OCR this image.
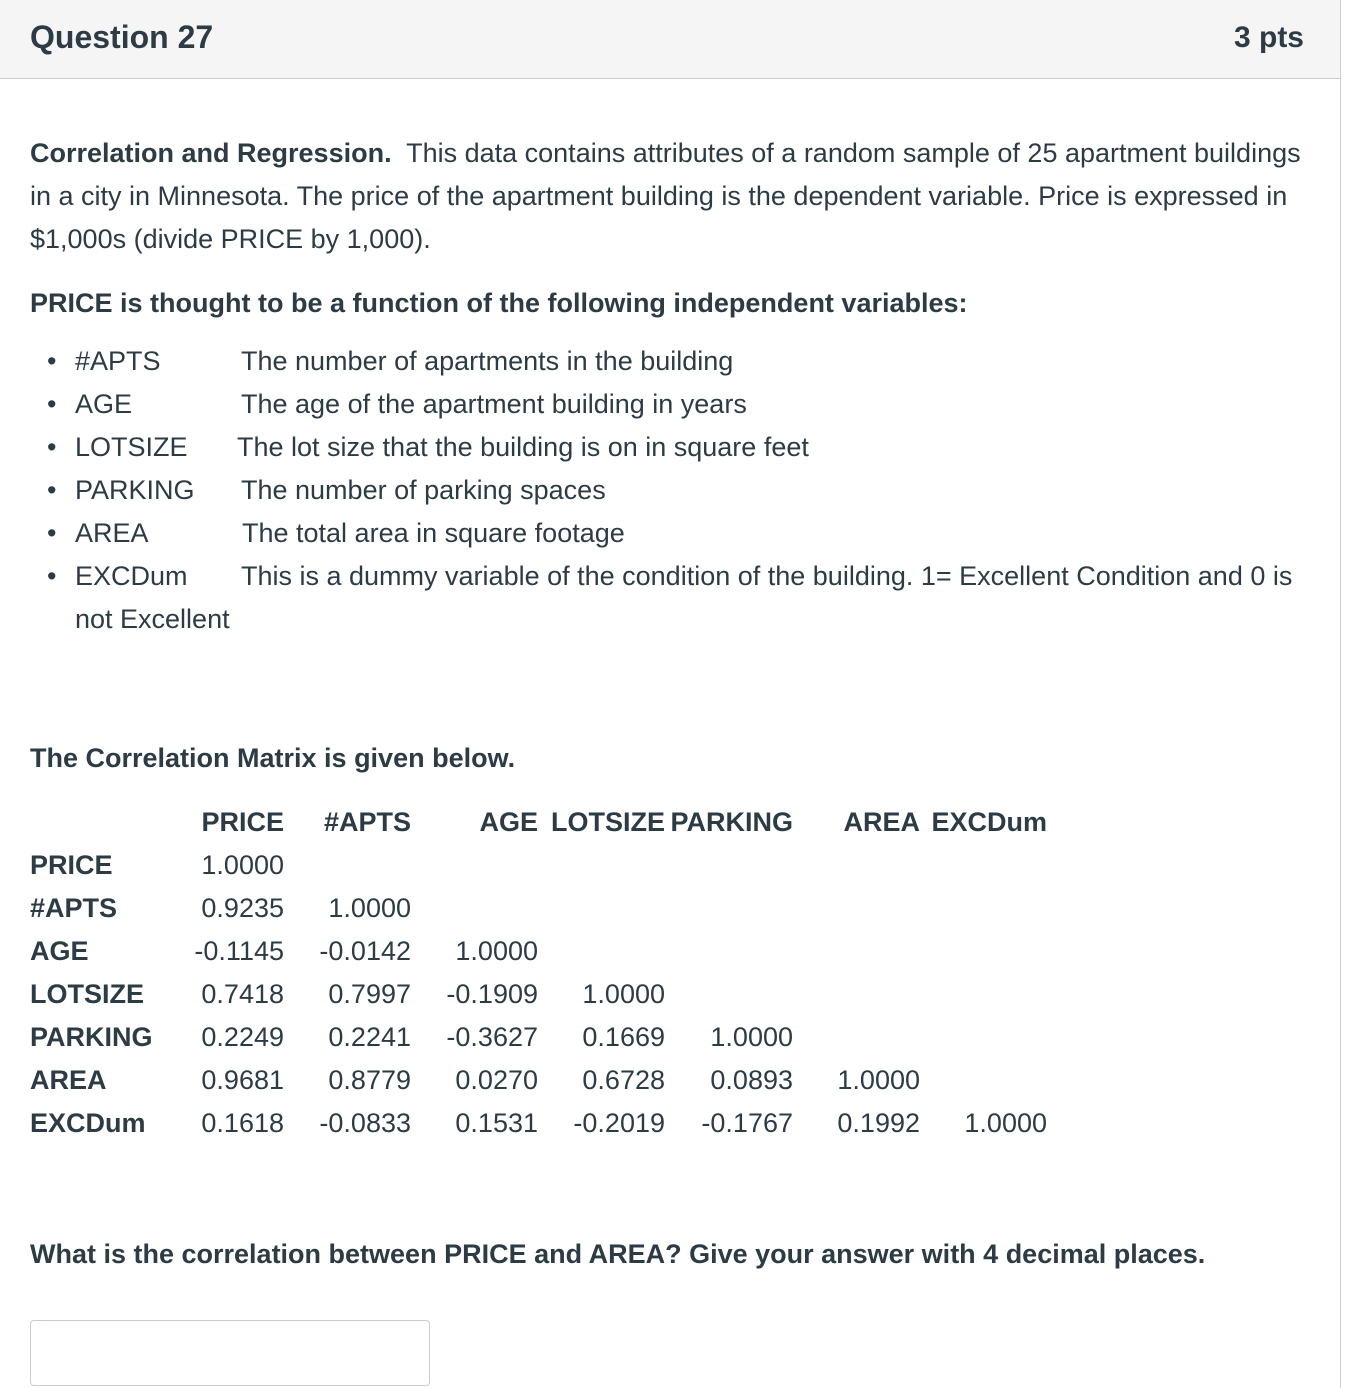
Question 27	3 pts

Correlation and Regression. This data contains attributes of a random sample of 25 apartment buildings in a city in Minnesota. The price of the apartment building is the dependent variable. Price is expressed in $1,000s (divide PRICE by 1,000).

PRICE is thought to be a function of the following independent variables:

• #APTS	The number of apartments in the building
• AGE	The age of the apartment building in years
• LOTSIZE The lot size that the building is on in square feet
• PARKING The number of parking spaces
• AREA	The total area in square footage
• EXCDum This is a dummy variable of the condition of the building. 1= Excellent Condition and 0 is not Excellent
The Correlation Matrix is given below.
PRICE #APTS	AGE LOTSIZE PARKING AREA EXCDum
PRICE	1.0000
#APTS	0.9235 1.0000
AGE	-0.1145 -0.0142 1.0000
LOTSIZE 0.7418 0.7997 -0.1909 1.0000
PARKING 0.2249 0.2241 -0.3627 0.1669 1.0000
AREA	0.9681 0.8779 0.0270 0.6728 0.0893 1.0000
EXCDum 0.1618 -0.0833 0.1531 -0.2019 -0.1767 0.1992 1.0000
What is the correlation between PRICE and AREA? Give your answer with 4 decimal places.
